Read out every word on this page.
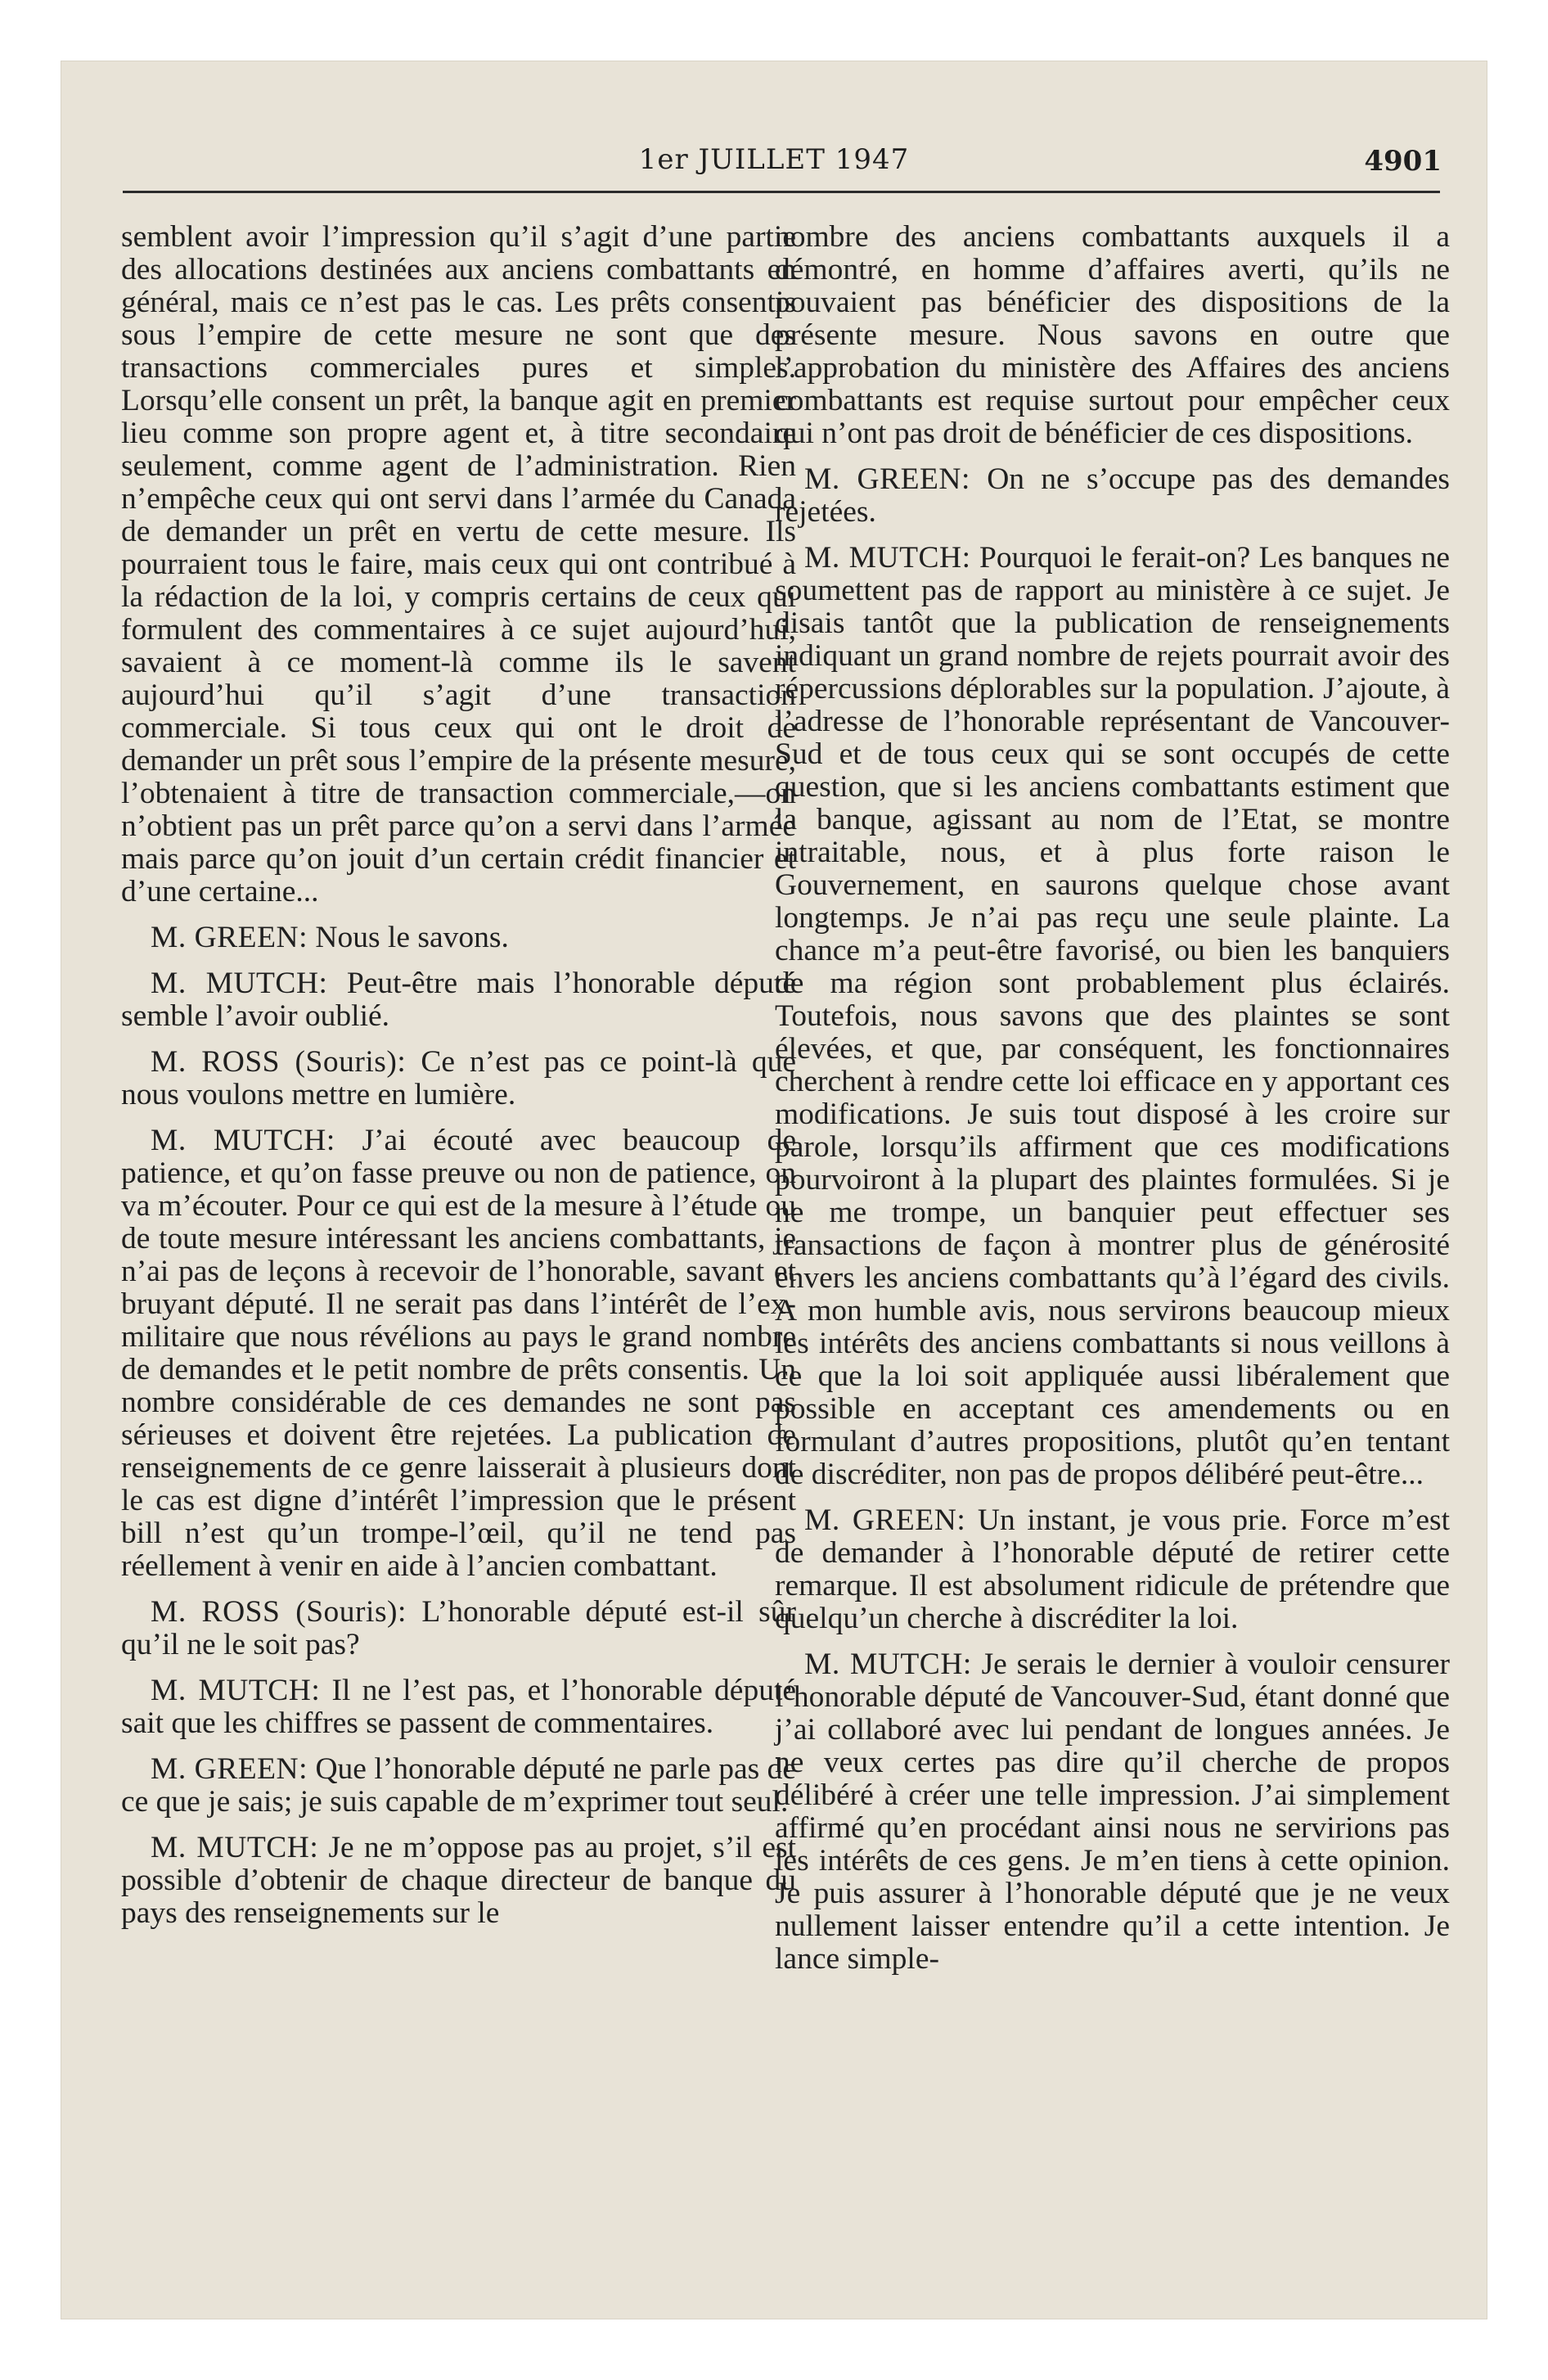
1er JUILLET 1947	4901

semblent avoir l’impression qu’il s’agit d’une partie des allocations destinées aux anciens combattants en général, mais ce n’est pas le cas. Les prêts consentis sous l’empire de cette mesure ne sont que des transactions commerciales pures et simples. Lorsqu’elle consent un prêt, la banque agit en premier lieu comme son propre agent et, à titre secondaire seulement, comme agent de l’administration. Rien n’empêche ceux qui ont servi dans l’armée du Canada de demander un prêt en vertu de cette mesure. Ils pourraient tous le faire, mais ceux qui ont contribué à la rédaction de la loi, y compris certains de ceux qui formulent des commentaires à ce sujet aujourd’hui, savaient à ce moment-là comme ils le savent aujourd’hui qu’il s’agit d’une transaction commerciale. Si tous ceux qui ont le droit de demander un prêt sous l’empire de la présente mesure, l’obtenaient à titre de transaction commerciale,—on n’obtient pas un prêt parce qu’on a servi dans l’armée mais parce qu’on jouit d’un certain crédit financier et d’une certaine...

M. GREEN: Nous le savons.

M. MUTCH: Peut-être mais l’honorable député semble l’avoir oublié.

M. ROSS (Souris): Ce n’est pas ce point-là que nous voulons mettre en lumière.

M. MUTCH: J’ai écouté avec beaucoup de patience, et qu’on fasse preuve ou non de patience, on va m’écouter. Pour ce qui est de la mesure à l’étude ou de toute mesure intéressant les anciens combattants, je n’ai pas de leçons à recevoir de l’honorable, savant et bruyant député. Il ne serait pas dans l’intérêt de l’ex-militaire que nous révélions au pays le grand nombre de demandes et le petit nombre de prêts consentis. Un nombre considérable de ces demandes ne sont pas sérieuses et doivent être rejetées. La publication de renseignements de ce genre laisserait à plusieurs dont le cas est digne d’intérêt l’impression que le présent bill n’est qu’un trompe-l’œil, qu’il ne tend pas réellement à venir en aide à l’ancien combattant.

M. ROSS (Souris): L’honorable député est-il sûr qu’il ne le soit pas?

M. MUTCH: Il ne l’est pas, et l’honorable député sait que les chiffres se passent de commentaires.

M. GREEN: Que l’honorable député ne parle pas de ce que je sais; je suis capable de m’exprimer tout seul.

M. MUTCH: Je ne m’oppose pas au projet, s’il est possible d’obtenir de chaque directeur de banque du pays des renseignements sur le

nombre des anciens combattants auxquels il a démontré, en homme d’affaires averti, qu’ils ne pouvaient pas bénéficier des dispositions de la présente mesure. Nous savons en outre que l’approbation du ministère des Affaires des anciens combattants est requise surtout pour empêcher ceux qui n’ont pas droit de bénéficier de ces dispositions.

M. GREEN: On ne s’occupe pas des demandes rejetées.

M. MUTCH: Pourquoi le ferait-on? Les banques ne soumettent pas de rapport au ministère à ce sujet. Je disais tantôt que la publication de renseignements indiquant un grand nombre de rejets pourrait avoir des répercussions déplorables sur la population. J’ajoute, à l’adresse de l’honorable représentant de Vancouver-Sud et de tous ceux qui se sont occupés de cette question, que si les anciens combattants estiment que la banque, agissant au nom de l’Etat, se montre intraitable, nous, et à plus forte raison le Gouvernement, en saurons quelque chose avant longtemps. Je n’ai pas reçu une seule plainte. La chance m’a peut-être favorisé, ou bien les banquiers de ma région sont probablement plus éclairés. Toutefois, nous savons que des plaintes se sont élevées, et que, par conséquent, les fonctionnaires cherchent à rendre cette loi efficace en y apportant ces modifications. Je suis tout disposé à les croire sur parole, lorsqu’ils affirment que ces modifications pourvoiront à la plupart des plaintes formulées. Si je ne me trompe, un banquier peut effectuer ses transactions de façon à montrer plus de générosité envers les anciens combattants qu’à l’égard des civils. A mon humble avis, nous servirons beaucoup mieux les intérêts des anciens combattants si nous veillons à ce que la loi soit appliquée aussi libéralement que possible en acceptant ces amendements ou en formulant d’autres propositions, plutôt qu’en tentant de discréditer, non pas de propos délibéré peut-être...

M. GREEN: Un instant, je vous prie. Force m’est de demander à l’honorable député de retirer cette remarque. Il est absolument ridicule de prétendre que quelqu’un cherche à discréditer la loi.

M. MUTCH: Je serais le dernier à vouloir censurer l’honorable député de Vancouver-Sud, étant donné que j’ai collaboré avec lui pendant de longues années. Je ne veux certes pas dire qu’il cherche de propos délibéré à créer une telle impression. J’ai simplement affirmé qu’en procédant ainsi nous ne servirions pas les intérêts de ces gens. Je m’en tiens à cette opinion. Je puis assurer à l’honorable député que je ne veux nullement laisser entendre qu’il a cette intention. Je lance simple-
